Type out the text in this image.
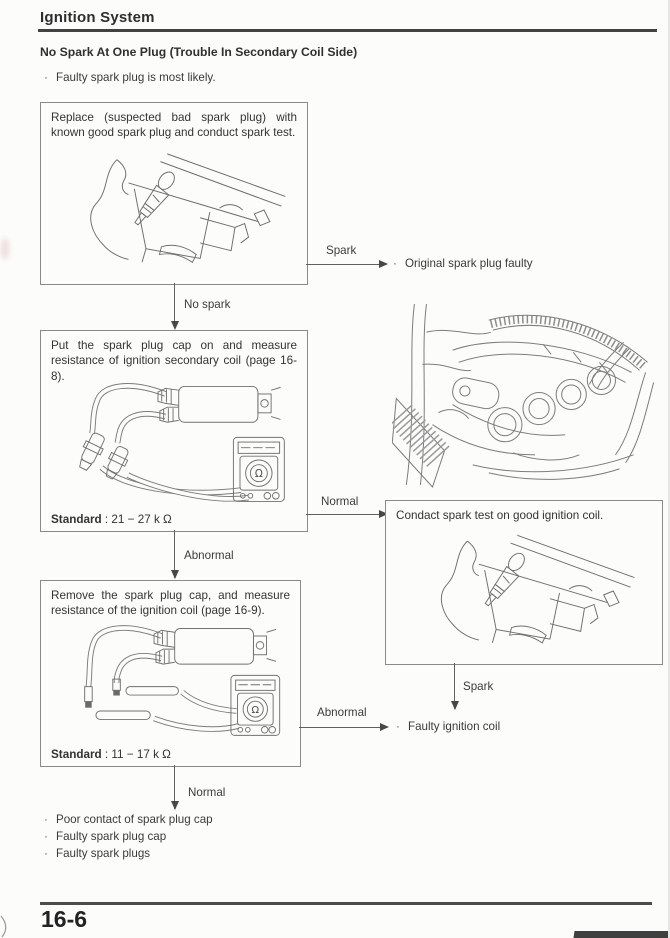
Ignition System
No Spark At One Plug (Trouble In Secondary Coil Side)
· Faulty spark plug is most likely.
Replace (suspected bad spark plug) with known good spark plug and conduct spark test.
Spark
· Original spark plug faulty
No spark
Put the spark plug cap on and measure resistance of ignition secondary coil (page 16-8).
Ω
Standard : 21 − 27 k Ω
Normal
Condact spark test on good ignition coil.
Abnormal
Remove the spark plug cap, and measure resistance of the ignition coil (page 16-9).
Ω
Standard : 11 − 17 k Ω
Abnormal
Spark
· Faulty ignition coil
Normal
· Poor contact of spark plug cap
· Faulty spark plug cap
· Faulty spark plugs
16-6
